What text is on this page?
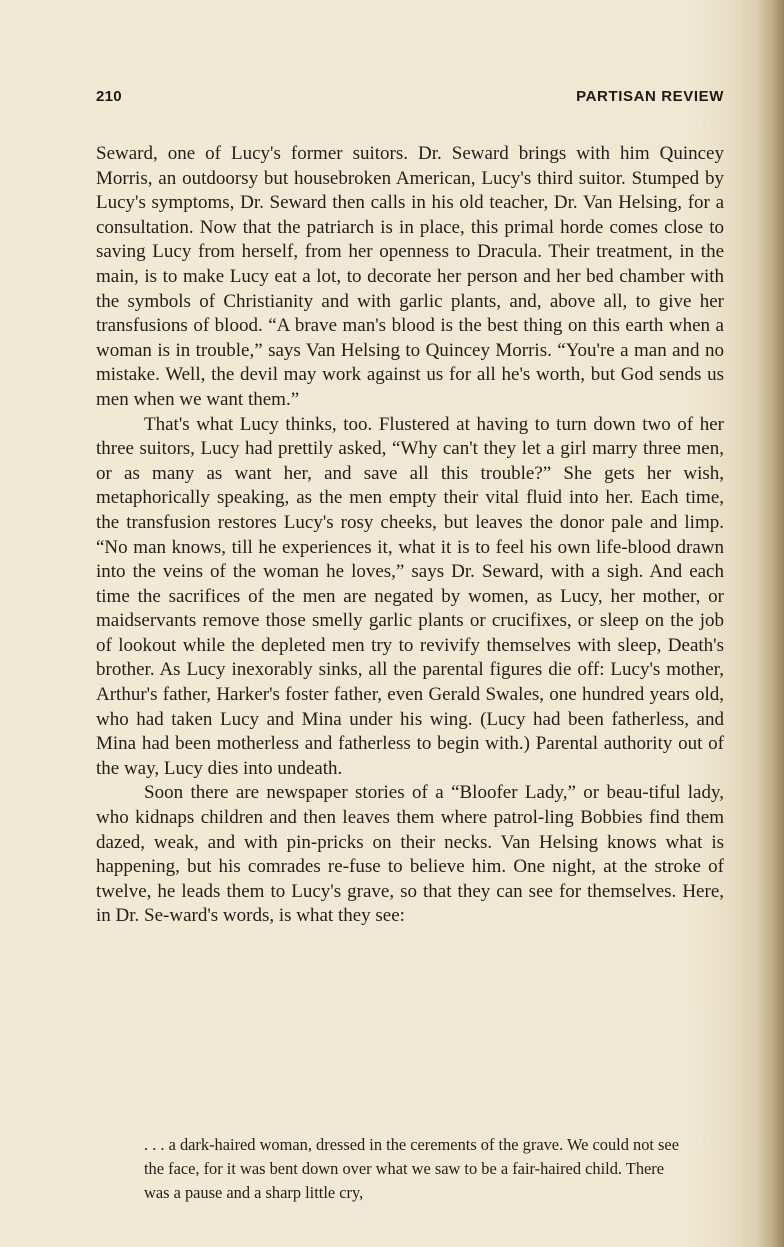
210	PARTISAN REVIEW

Seward, one of Lucy's former suitors. Dr. Seward brings with him Quincey Morris, an outdoorsy but housebroken American, Lucy's third suitor. Stumped by Lucy's symptoms, Dr. Seward then calls in his old teacher, Dr. Van Helsing, for a consultation. Now that the patriarch is in place, this primal horde comes close to saving Lucy from herself, from her openness to Dracula. Their treatment, in the main, is to make Lucy eat a lot, to decorate her person and her bed chamber with the symbols of Christianity and with garlic plants, and, above all, to give her transfusions of blood. “A brave man's blood is the best thing on this earth when a woman is in trouble,” says Van Helsing to Quincey Morris. “You're a man and no mistake. Well, the devil may work against us for all he's worth, but God sends us men when we want them.”

That's what Lucy thinks, too. Flustered at having to turn down two of her three suitors, Lucy had prettily asked, “Why can't they let a girl marry three men, or as many as want her, and save all this trouble?” She gets her wish, metaphorically speaking, as the men empty their vital fluid into her. Each time, the transfusion restores Lucy's rosy cheeks, but leaves the donor pale and limp. “No man knows, till he experiences it, what it is to feel his own life-blood drawn into the veins of the woman he loves,” says Dr. Seward, with a sigh. And each time the sacrifices of the men are negated by women, as Lucy, her mother, or maidservants remove those smelly garlic plants or crucifixes, or sleep on the job of lookout while the depleted men try to revivify themselves with sleep, Death's brother. As Lucy inexorably sinks, all the parental figures die off: Lucy's mother, Arthur's father, Harker's foster father, even Gerald Swales, one hundred years old, who had taken Lucy and Mina under his wing. (Lucy had been fatherless, and Mina had been motherless and fatherless to begin with.) Parental authority out of the way, Lucy dies into undeath.

Soon there are newspaper stories of a “Bloofer Lady,” or beau-tiful lady, who kidnaps children and then leaves them where patrol-ling Bobbies find them dazed, weak, and with pin-pricks on their necks. Van Helsing knows what is happening, but his comrades re-fuse to believe him. One night, at the stroke of twelve, he leads them to Lucy's grave, so that they can see for themselves. Here, in Dr. Se-ward's words, is what they see:

. . . a dark-haired woman, dressed in the cerements of the grave. We could not see the face, for it was bent down over what we saw to be a fair-haired child. There was a pause and a sharp little cry,
